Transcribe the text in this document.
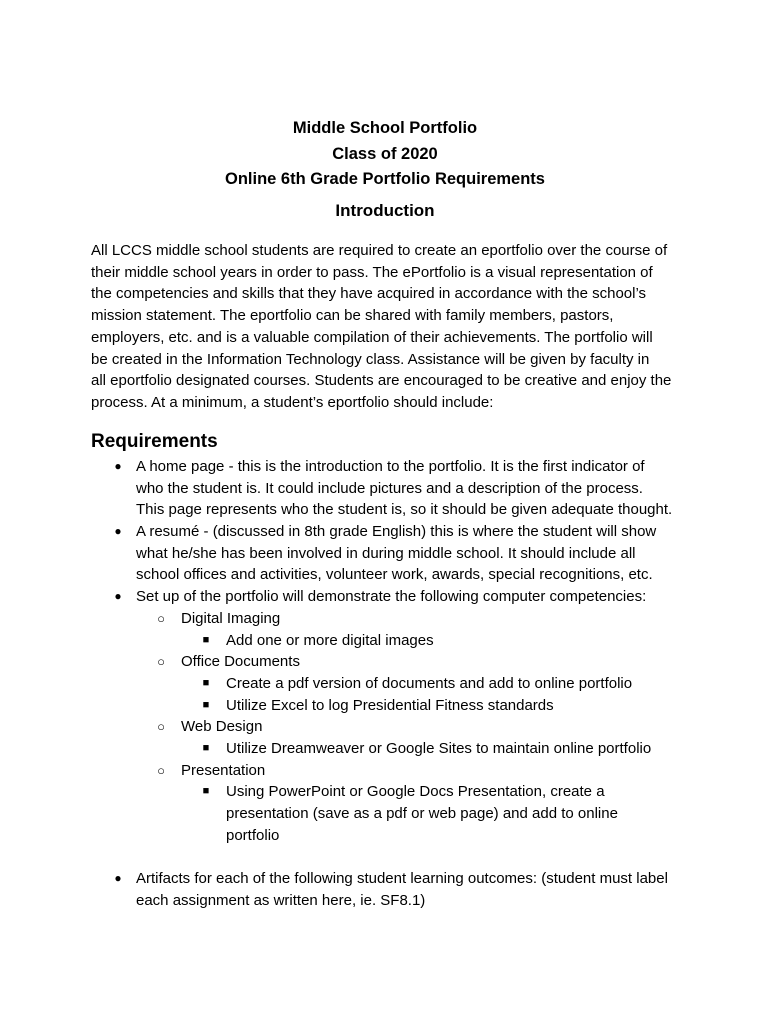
Middle School Portfolio
Class of 2020
Online 6th Grade Portfolio Requirements
Introduction
All LCCS middle school students are required to create an eportfolio over the course of
their middle school years in order to pass. The ePortfolio is a visual representation of
the competencies and skills that they have acquired in accordance with the school’s
mission statement. The eportfolio can be shared with family members, pastors,
employers, etc. and is a valuable compilation of their achievements. The portfolio will
be created in the Information Technology class. Assistance will be given by faculty in
all eportfolio designated courses. Students are encouraged to be creative and enjoy the
process. At a minimum, a student’s eportfolio should include:
Requirements
● A home page - this is the introduction to the portfolio. It is the first indicator of
who the student is. It could include pictures and a description of the process.
This page represents who the student is, so it should be given adequate thought.
● A resumé - (discussed in 8th grade English) this is where the student will show
what he/she has been involved in during middle school. It should include all
school offices and activities, volunteer work, awards, special recognitions, etc.
● Set up of the portfolio will demonstrate the following computer competencies:
○ Digital Imaging
■ Add one or more digital images
○ Office Documents
■ Create a pdf version of documents and add to online portfolio
■ Utilize Excel to log Presidential Fitness standards
○ Web Design
■ Utilize Dreamweaver or Google Sites to maintain online portfolio
○ Presentation
■ Using PowerPoint or Google Docs Presentation, create a
presentation (save as a pdf or web page) and add to online
portfolio
● Artifacts for each of the following student learning outcomes: (student must label
each assignment as written here, ie. SF8.1)
